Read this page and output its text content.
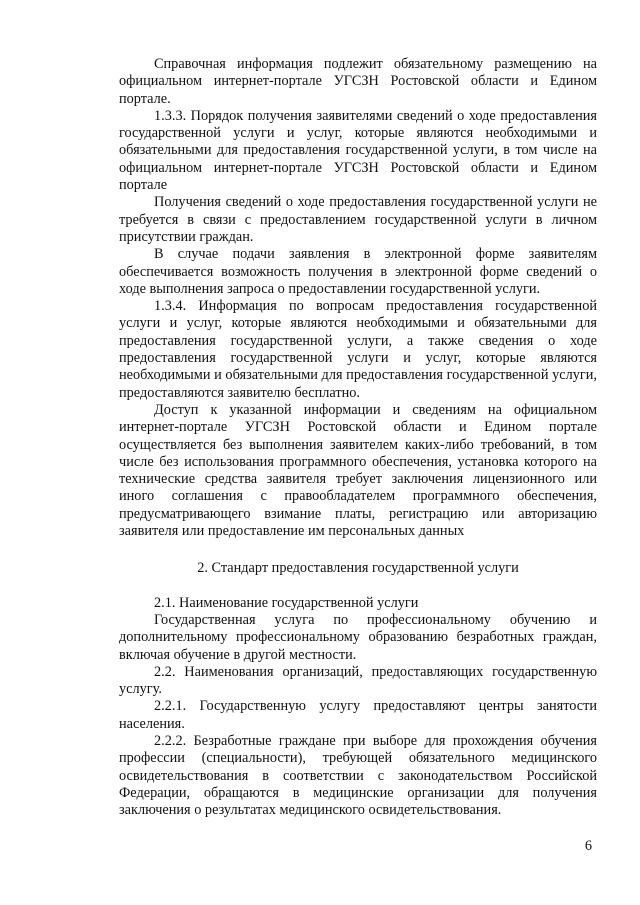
Справочная информация подлежит обязательному размещению на официальном интернет-портале УГСЗН Ростовской области и Едином портале.

1.3.3. Порядок получения заявителями сведений о ходе предоставления государственной услуги и услуг, которые являются необходимыми и обязательными для предоставления государственной услуги, в том числе на официальном интернет-портале УГСЗН Ростовской области и Едином портале

Получения сведений о ходе предоставления государственной услуги не требуется в связи с предоставлением государственной услуги в личном присутствии граждан.

В случае подачи заявления в электронной форме заявителям обеспечивается возможность получения в электронной форме сведений о ходе выполнения запроса о предоставлении государственной услуги.

1.3.4. Информация по вопросам предоставления государственной услуги и услуг, которые являются необходимыми и обязательными для предоставления государственной услуги, а также сведения о ходе предоставления государственной услуги и услуг, которые являются необходимыми и обязательными для предоставления государственной услуги, предоставляются заявителю бесплатно.

Доступ к указанной информации и сведениям на официальном интернет-портале УГСЗН Ростовской области и Едином портале осуществляется без выполнения заявителем каких-либо требований, в том числе без использования программного обеспечения, установка которого на технические средства заявителя требует заключения лицензионного или иного соглашения с правообладателем программного обеспечения, предусматривающего взимание платы, регистрацию или авторизацию заявителя или предоставление им персональных данных

2. Стандарт предоставления государственной услуги

2.1. Наименование государственной услуги

Государственная услуга по профессиональному обучению и дополнительному профессиональному образованию безработных граждан, включая обучение в другой местности.

2.2. Наименования организаций, предоставляющих государственную услугу.

2.2.1. Государственную услугу предоставляют центры занятости населения.

2.2.2. Безработные граждане при выборе для прохождения обучения профессии (специальности), требующей обязательного медицинского освидетельствования в соответствии с законодательством Российской Федерации, обращаются в медицинские организации для получения заключения о результатах медицинского освидетельствования.

6
